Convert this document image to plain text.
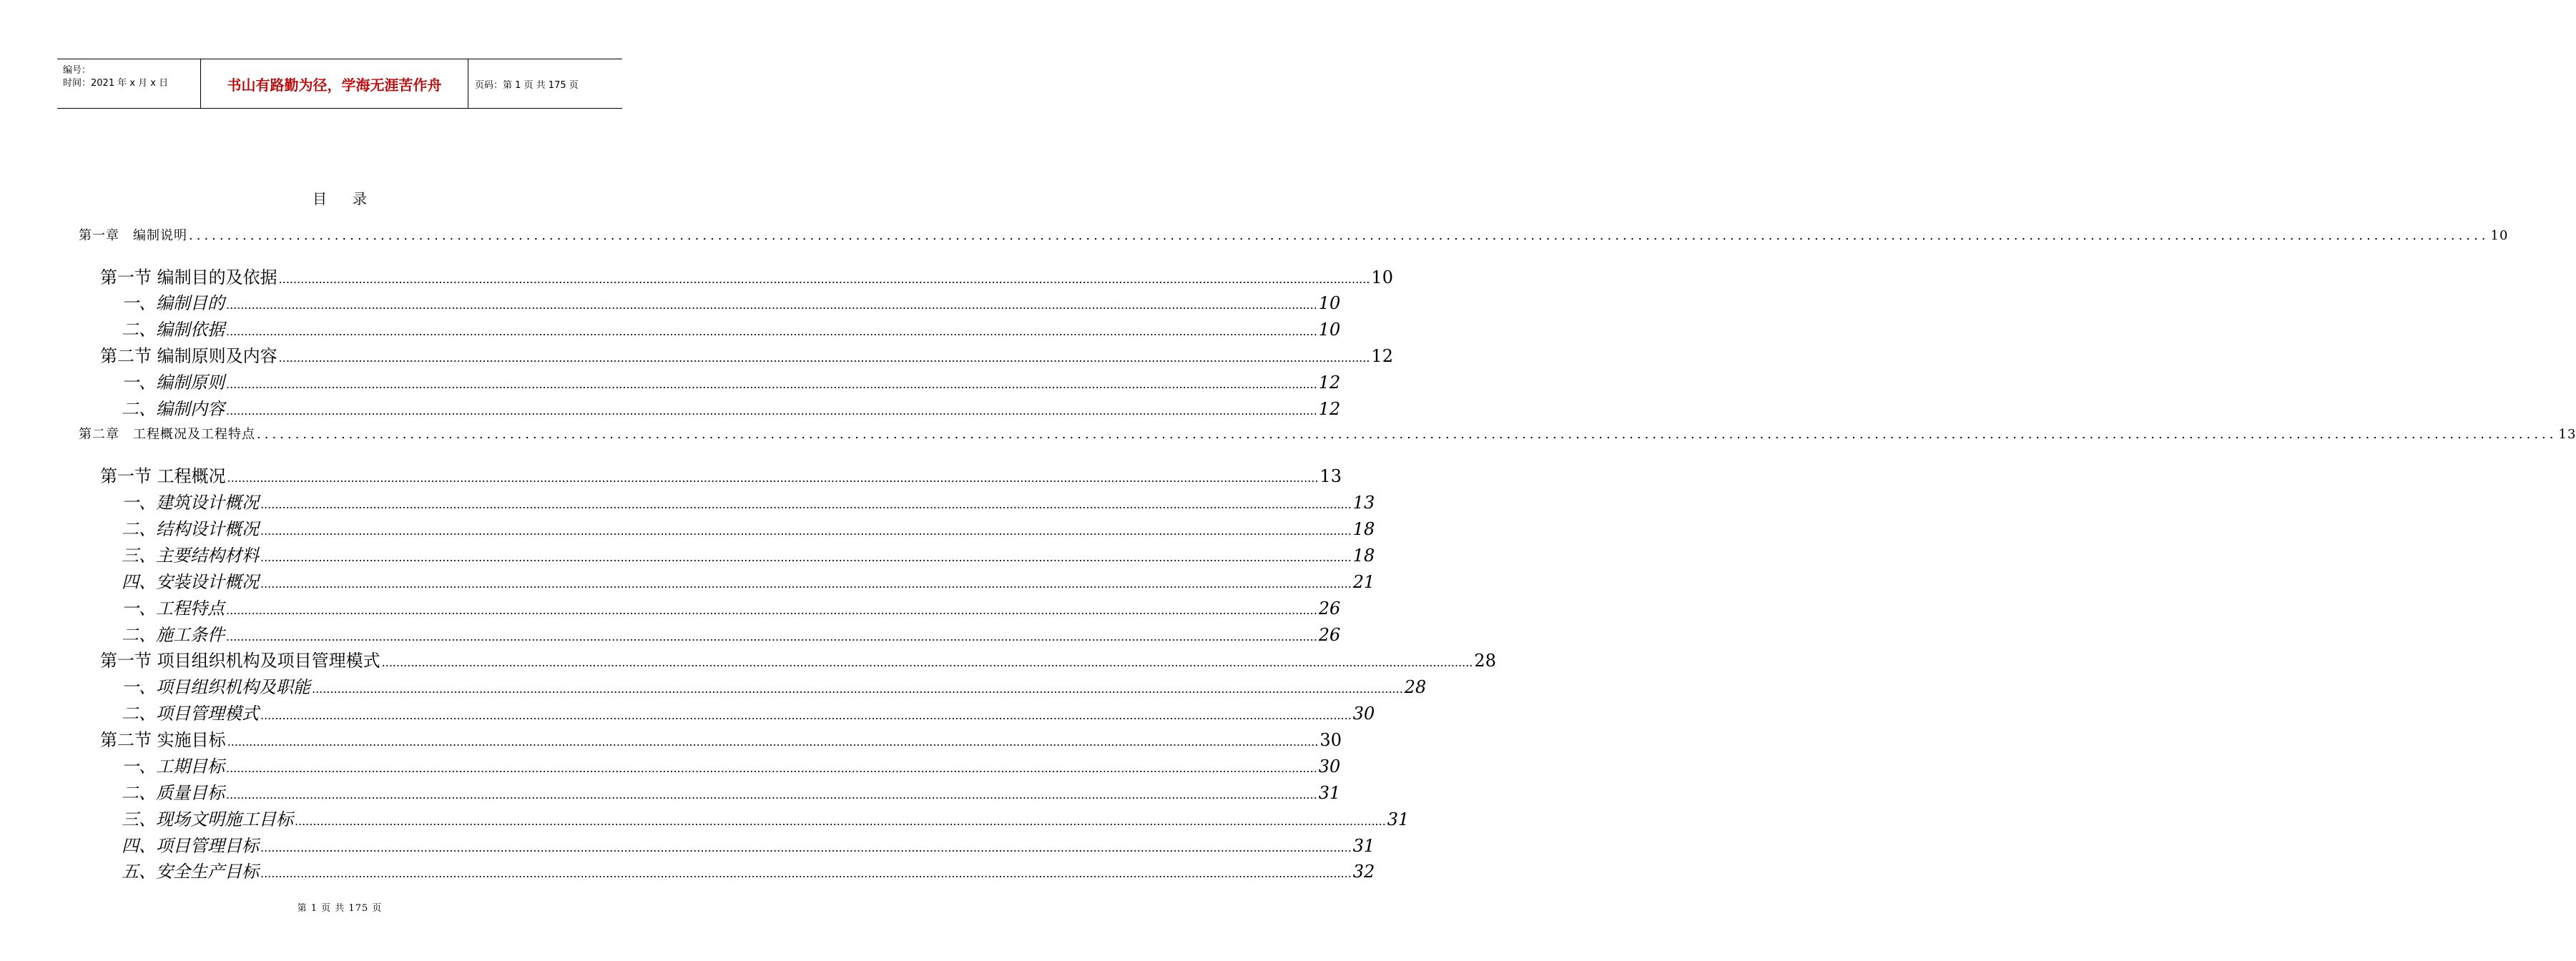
编号：
时间：2021 年 x 月 x 日	书山有路勤为径，学海无涯苦作舟	页码：第 1 页 共 175 页
目录
第一章　编制说明 ............................................................................................................................................................................................................................................................................................................ 10
第一节 编制目的及依据 ............................................................................................................................................................................................................................................................................................................ 10
一、编制目的 ............................................................................................................................................................................................................................................................................................................ 10
二、编制依据 ............................................................................................................................................................................................................................................................................................................ 10
第二节 编制原则及内容 ............................................................................................................................................................................................................................................................................................................ 12
一、编制原则 ............................................................................................................................................................................................................................................................................................................ 12
二、编制内容 ............................................................................................................................................................................................................................................................................................................ 12
第二章　工程概况及工程特点 ............................................................................................................................................................................................................................................................................................................ 13
第一节 工程概况 ............................................................................................................................................................................................................................................................................................................ 13
一、建筑设计概况 ............................................................................................................................................................................................................................................................................................................ 13
二、结构设计概况 ............................................................................................................................................................................................................................................................................................................ 18
三、主要结构材料 ............................................................................................................................................................................................................................................................................................................ 18
四、安装设计概况 ............................................................................................................................................................................................................................................................................................................ 21
一、工程特点 ............................................................................................................................................................................................................................................................................................................ 26
二、施工条件 ............................................................................................................................................................................................................................................................................................................ 26
第一节 项目组织机构及项目管理模式 ............................................................................................................................................................................................................................................................................................................ 28
一、项目组织机构及职能 ............................................................................................................................................................................................................................................................................................................ 28
二、项目管理模式 ............................................................................................................................................................................................................................................................................................................ 30
第二节 实施目标 ............................................................................................................................................................................................................................................................................................................ 30
一、工期目标 ............................................................................................................................................................................................................................................................................................................ 30
二、质量目标 ............................................................................................................................................................................................................................................................................................................ 31
三、现场文明施工目标 ............................................................................................................................................................................................................................................................................................................ 31
四、项目管理目标 ............................................................................................................................................................................................................................................................................................................ 31
五、安全生产目标 ............................................................................................................................................................................................................................................................................................................ 32
第 1 页 共 175 页
